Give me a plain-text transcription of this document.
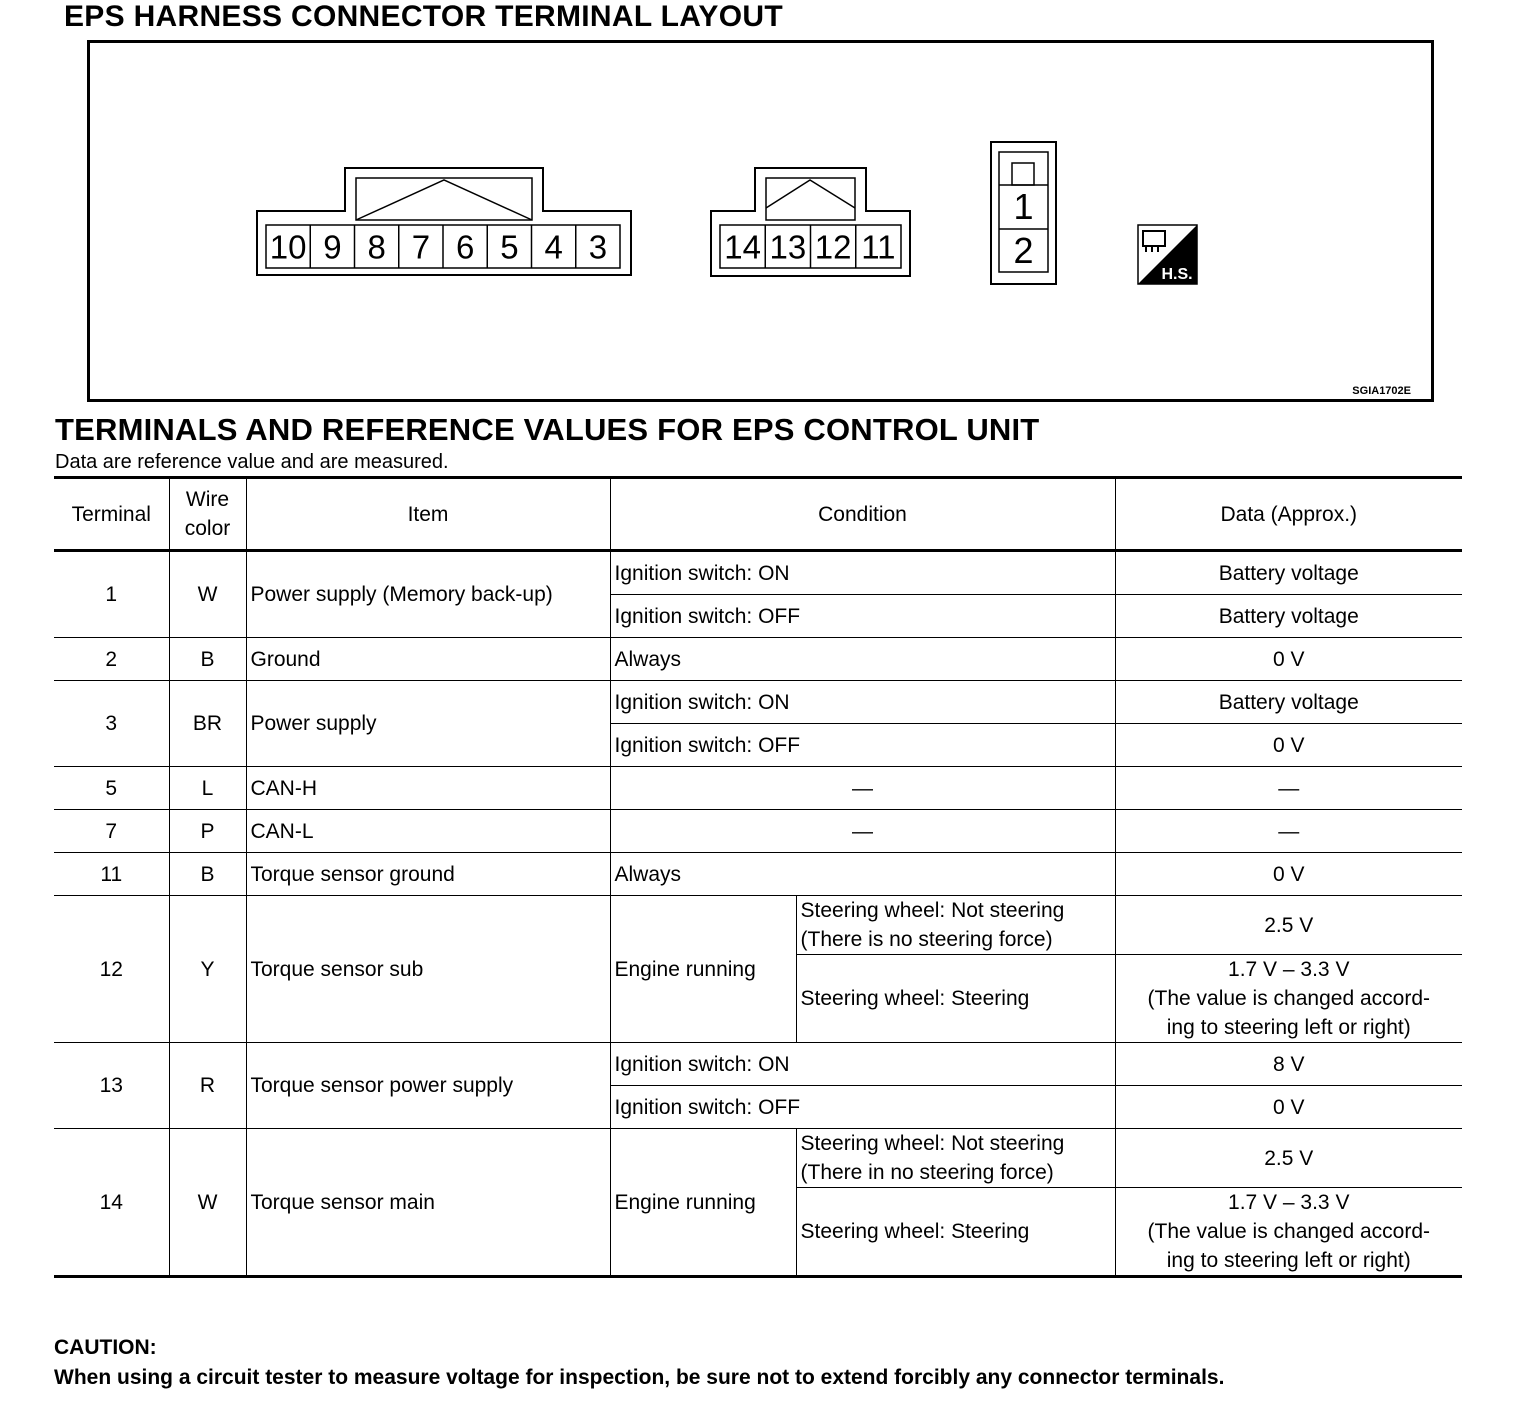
EPS HARNESS CONNECTOR TERMINAL LAYOUT
10 9 8 7 6 5 4 3	14 13 12 11
1
2
H.S.
SGIA1702E
TERMINALS AND REFERENCE VALUES FOR EPS CONTROL UNIT
Data are reference value and are measured.
Terminal	Wire
color	Item	Condition		Data (Approx.)
1	W	Power supply (Memory back-up)	Ignition switch: ON		Battery voltage
			Ignition switch: OFF		Battery voltage
2	B	Ground	Always		0 V
3	BR	Power supply	Ignition switch: ON		Battery voltage
			Ignition switch: OFF		0 V
5	L	CAN-H	—		—
7	P	CAN-L	—		—
11	B	Torque sensor ground	Always		0 V
12	Y	Torque sensor sub	Engine running	Steering wheel: Not steering
(There is no steering force)	2.5 V
				Steering wheel: Steering	1.7 V – 3.3 V
(The value is changed accord-
ing to steering left or right)
13	R	Torque sensor power supply	Ignition switch: ON		8 V
			Ignition switch: OFF		0 V
14	W	Torque sensor main	Engine running	Steering wheel: Not steering
(There in no steering force)	2.5 V
				Steering wheel: Steering	1.7 V – 3.3 V
(The value is changed accord-
ing to steering left or right)
CAUTION:
When using a circuit tester to measure voltage for inspection, be sure not to extend forcibly any connector terminals.
